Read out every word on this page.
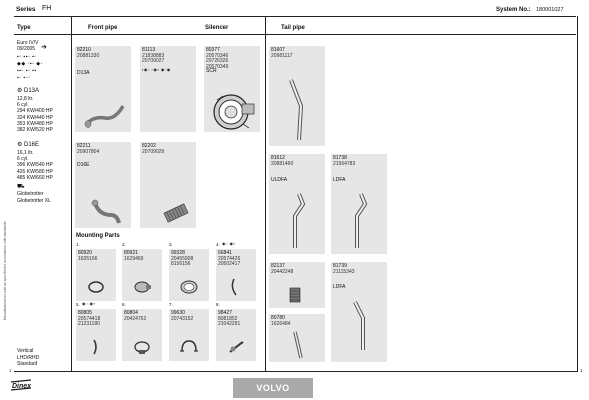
Series FH	System No.: 180001027
Type	Front pipe	Silencer	Tail pipe
Manufactured as well as specified in accordance with standards
Euro IV/V
09/2005 ➔
▪▫ ▪▪▫ ▪▫
◆◆ ▫▪▫ ◆▫
▪▪▫ ▪▫ ▪▪
▪▫ ▪▫▫
⚙ D13A
12,8 ltr.
6 cyl.
294 KW/400 HP
324 KW/440 HP
353 KW/480 HP
382 KW/520 HP
⚙ D16E
16,1 ltr.
6 cyl.
396 KW/540 HP
426 KW/580 HP
485 KW/660 HP
⛟
Globetrotter
Globetrotter XL
Vertical
LHD/RHD
Standard
82210
20881330
D13A
81113
21838883
20709027
▪◉▫ ▫◉▪ ◉▫◉
82211
20907804
D16E
82202
20709029
80377
20570346
20726326
20570349
SCR
81607
20981117
81612
20881460
ULDFA
81738
21564783
LDFA
82137
20442248
81739
21115343
LDFA
80780
1626484
Mounting Parts
1.
80920
1635166
2.
80921
1629469
3.
99328
20455908
8156156
4.
66841
20574426
20502417
5.
80805
20574418
21231180
6.
80804
20424762
7.
99630
20743152
8.
98427
8081852
21042291
◉▫ ◉▪
◉▫ ◉▪
1	1
Dinex	VOLVO
